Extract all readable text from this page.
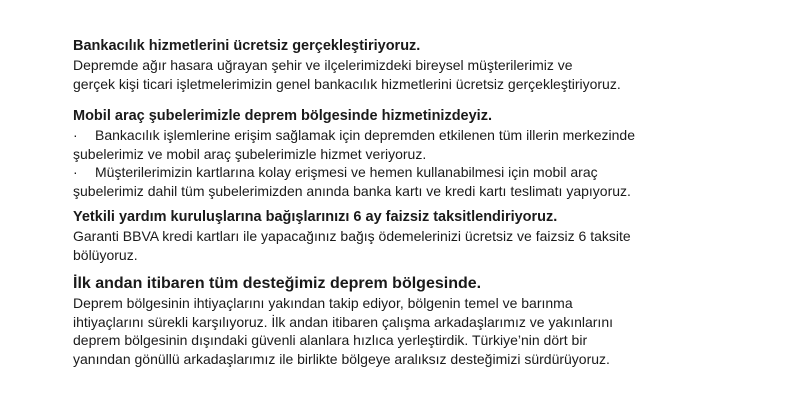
Bankacılık hizmetlerini ücretsiz gerçekleştiriyoruz.

Depremde ağır hasara uğrayan şehir ve ilçelerimizdeki bireysel müşterilerimiz ve

gerçek kişi ticari işletmelerimizin genel bankacılık hizmetlerini ücretsiz gerçekleştiriyoruz.

Mobil araç şubelerimizle deprem bölgesinde hizmetinizdeyiz.

· Bankacılık işlemlerine erişim sağlamak için depremden etkilenen tüm illerin merkezinde

şubelerimiz ve mobil araç şubelerimizle hizmet veriyoruz.

· Müşterilerimizin kartlarına kolay erişmesi ve hemen kullanabilmesi için mobil araç

şubelerimiz dahil tüm şubelerimizden anında banka kartı ve kredi kartı teslimatı yapıyoruz.

Yetkili yardım kuruluşlarına bağışlarınızı 6 ay faizsiz taksitlendiriyoruz.

Garanti BBVA kredi kartları ile yapacağınız bağış ödemelerinizi ücretsiz ve faizsiz 6 taksite

bölüyoruz.

İlk andan itibaren tüm desteğimiz deprem bölgesinde.

Deprem bölgesinin ihtiyaçlarını yakından takip ediyor, bölgenin temel ve barınma

ihtiyaçlarını sürekli karşılıyoruz. İlk andan itibaren çalışma arkadaşlarımız ve yakınlarını

deprem bölgesinin dışındaki güvenli alanlara hızlıca yerleştirdik. Türkiye’nin dört bir

yanından gönüllü arkadaşlarımız ile birlikte bölgeye aralıksız desteğimizi sürdürüyoruz.
